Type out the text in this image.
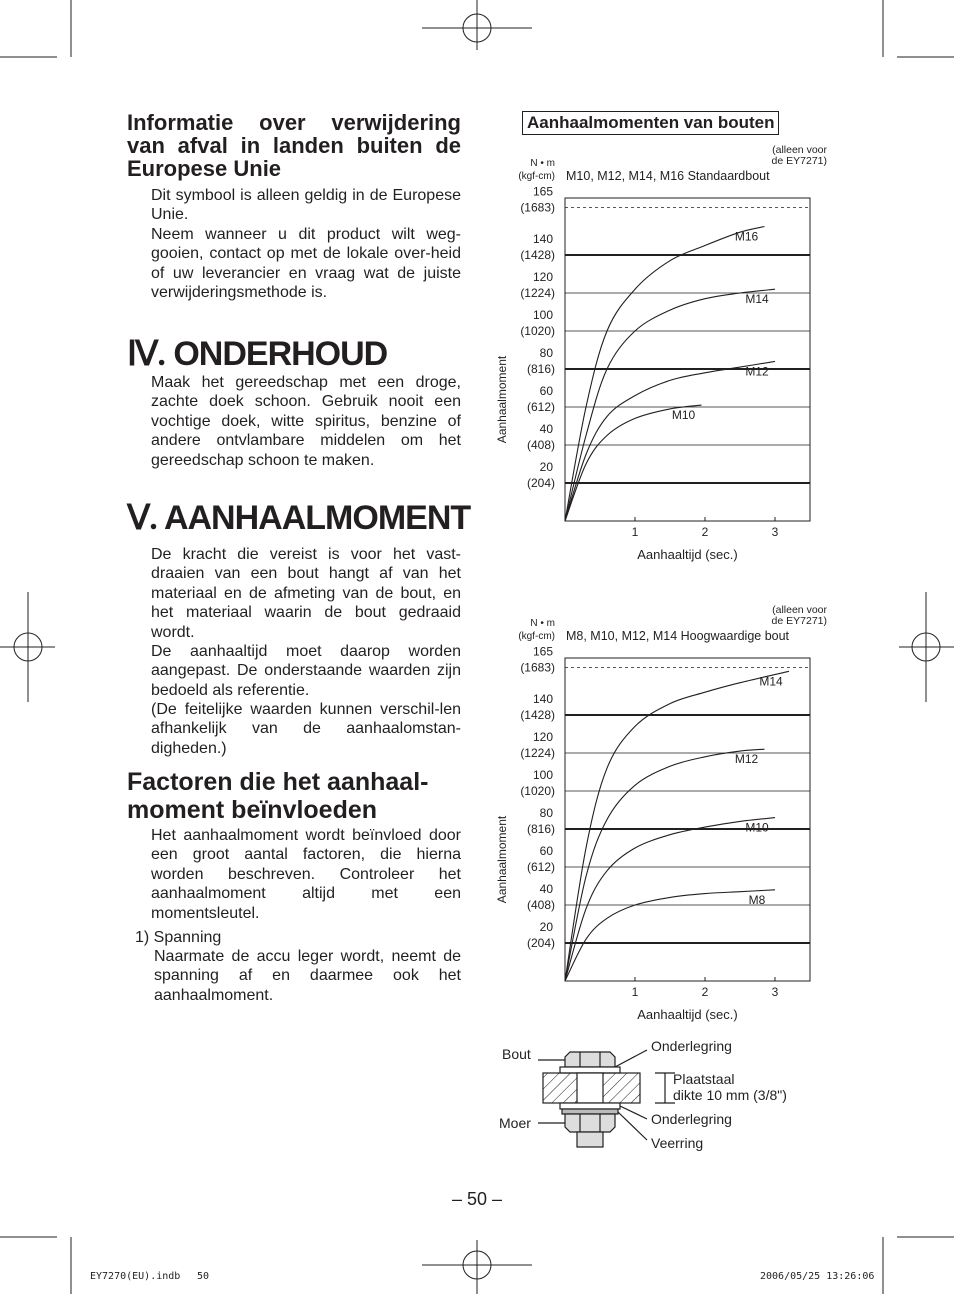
Informatie over verwijdering van afval in landen buiten de Europese Unie
Dit symbool is alleen geldig in de Europese Unie.
Neem wanneer u dit product wilt weg-gooien, contact op met de lokale over-heid of uw leverancier en vraag wat de juiste verwijderingsmethode is.
Ⅳ. ONDERHOUD
Maak het gereedschap met een droge, zachte doek schoon. Gebruik nooit een vochtige doek, witte spiritus, benzine of andere ontvlambare middelen om het gereedschap schoon te maken.
Ⅴ. AANHAALMOMENT
De kracht die vereist is voor het vast-draaien van een bout hangt af van het materiaal en de afmeting van de bout, en het materiaal waarin de bout gedraaid wordt.
De aanhaaltijd moet daarop worden aangepast. De onderstaande waarden zijn bedoeld als referentie.
(De feitelijke waarden kunnen verschil-len afhankelijk van de aanhaalomstan-digheden.)
Factoren die het aanhaal-moment beïnvloeden
Het aanhaalmoment wordt beïnvloed door een groot aantal factoren, die hierna worden beschreven. Controleer het aanhaalmoment altijd met een momentsleutel.
1) Spanning
Naarmate de accu leger wordt, neemt de spanning af en daarmee ook het aanhaalmoment.
Aanhaalmomenten van bouten
20
(204)
40
(408)
60
(612)
80
(816)
100
(1020)
120
(1224)
140
(1428)
165
(1683)
1	2	3
Aanhaaltijd (sec.)
Aanhaalmoment
N • m
(kgf-cm) M10, M12, M14, M16 Standaardbout
(alleen voor
de EY7271)
M16
M14
M12
M10
20
(204)
40
(408)
60
(612)
80
(816)
100
(1020)
120
(1224)
140
(1428)
165
(1683)
1	2	3
Aanhaaltijd (sec.)
Aanhaalmoment
N • m
(kgf-cm) M8, M10, M12, M14 Hoogwaardige bout
(alleen voor
de EY7271)
M14
M12
M10
M8
Bout
Moer
Onderlegring
Plaatstaal
dikte 10 mm (3/8")
Onderlegring
Veerring
– 50 –
EY7270(EU).indb 50	2006/05/25 13:26:06
